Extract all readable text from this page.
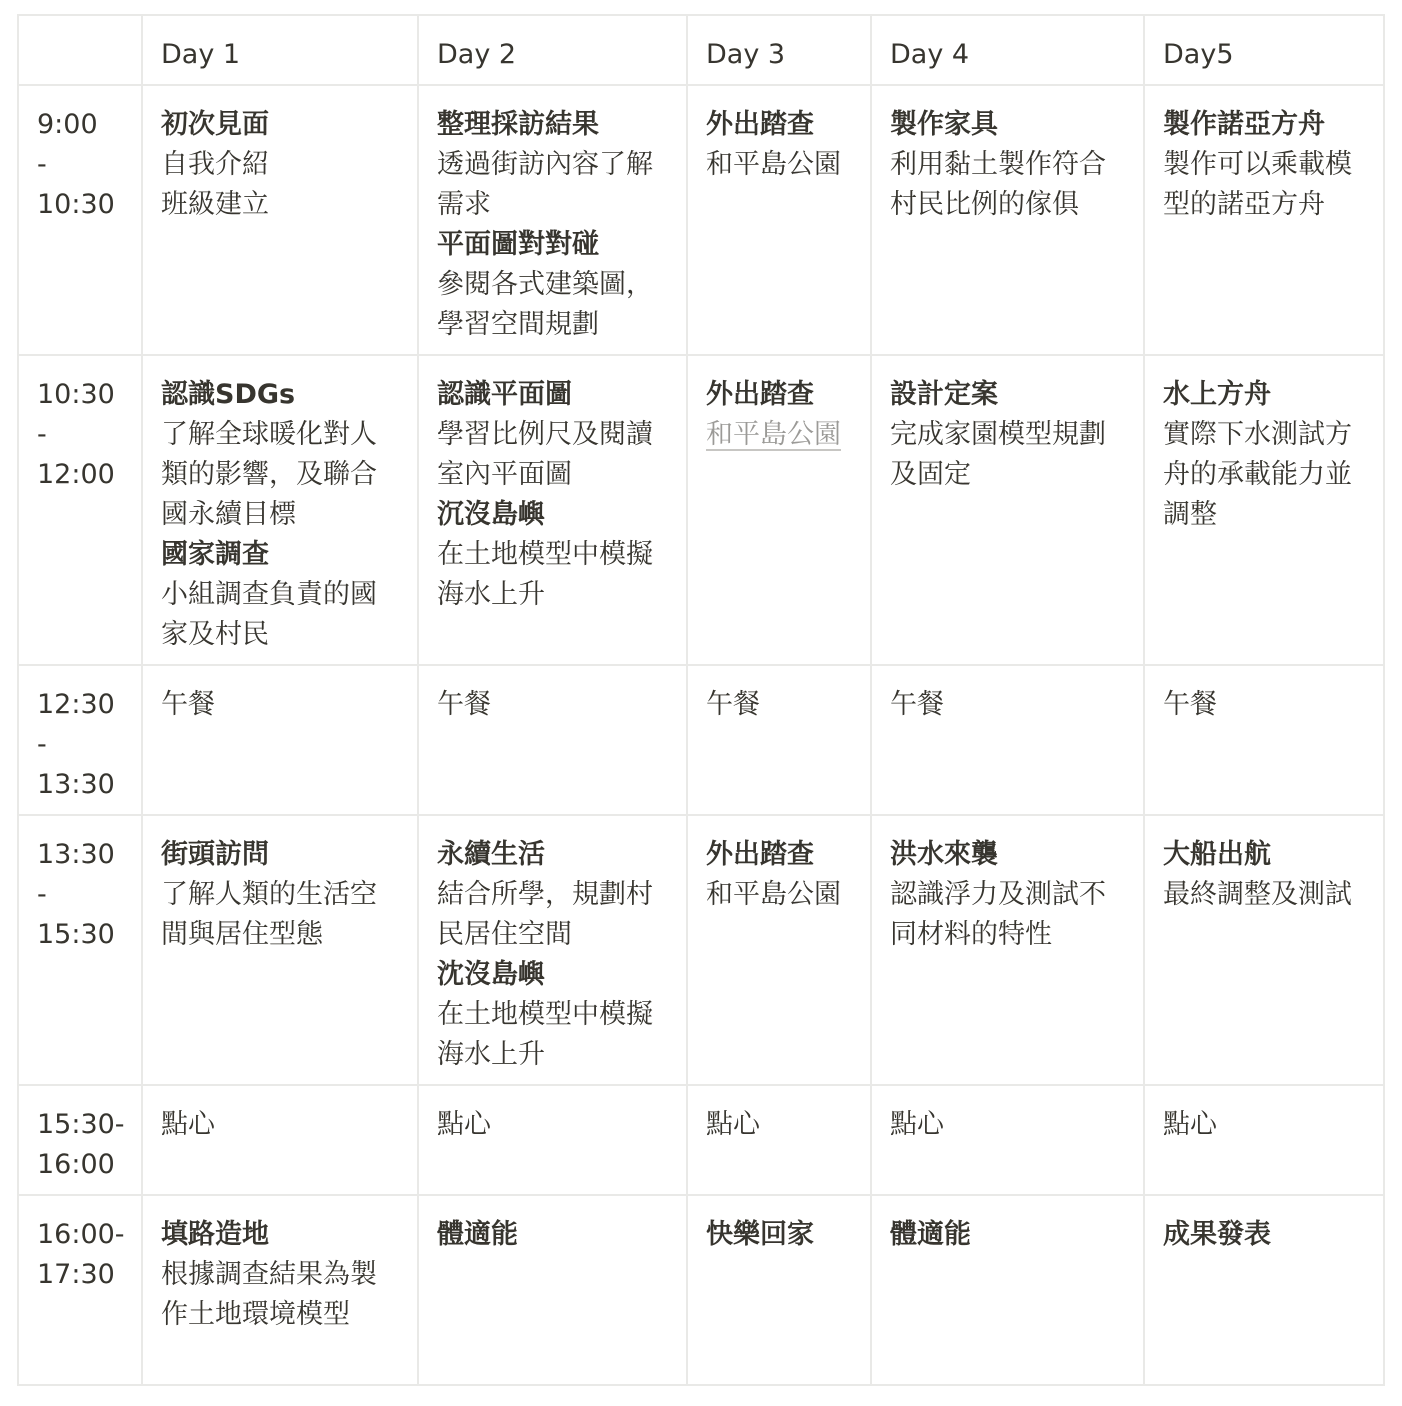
	Day 1	Day 2	Day 3	Day 4	Day5

9:00
-
10:30	初次見面
自我介紹
班級建立	整理採訪結果
透過街訪內容了解需求
平面圖對對碰
參閱各式建築圖，學習空間規劃	外出踏查
和平島公園	製作家具
利用黏土製作符合村民比例的傢俱	製作諾亞方舟
製作可以乘載模型的諾亞方舟

10:30
-
12:00	認識SDGs
了解全球暖化對人類的影響，及聯合國永續目標
國家調查
小組調查負責的國家及村民	認識平面圖
學習比例尺及閱讀室內平面圖
沉沒島嶼
在土地模型中模擬海水上升	外出踏查
和平島公園	設計定案
完成家園模型規劃及固定	水上方舟
實際下水測試方舟的承載能力並調整

12:30
-
13:30	午餐	午餐	午餐	午餐	午餐

13:30
-
15:30	街頭訪問
了解人類的生活空間與居住型態	永續生活
結合所學，規劃村民居住空間
沈沒島嶼
在土地模型中模擬海水上升	外出踏查
和平島公園	洪水來襲
認識浮力及測試不同材料的特性	大船出航
最終調整及測試

15:30-
16:00	點心	點心	點心	點心	點心

16:00-
17:30	填路造地
根據調查結果為製作土地環境模型	體適能	快樂回家	體適能	成果發表
